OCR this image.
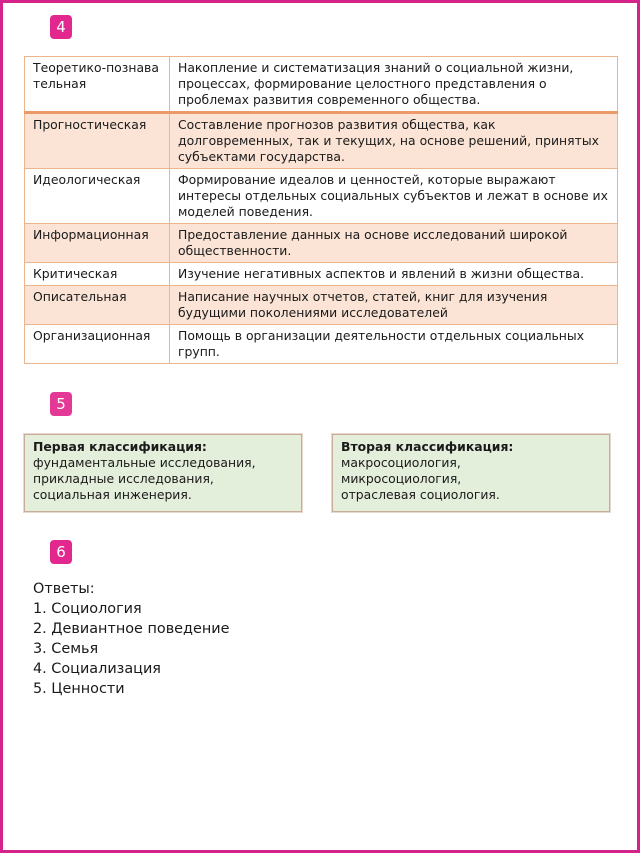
4
Теоретико-познавательная	Накопление и систематизация знаний о социальной жизни, процессах, формирование целостного представления о проблемах развития современного общества.
Прогностическая	Составление прогнозов развития общества, как долговременных, так и текущих, на основе решений, принятых субъектами государства.
Идеологическая	Формирование идеалов и ценностей, которые выражают интересы отдельных социальных субъектов и лежат в основе их моделей поведения.
Информационная	Предоставление данных на основе исследований широкой общественности.
Критическая	Изучение негативных аспектов и явлений в жизни общества.
Описательная	Написание научных отчетов, статей, книг для изучения будущими поколениями исследователей
Организационная	Помощь в организации деятельности отдельных социальных групп.
5
Первая классификация:
фундаментальные исследования,
прикладные исследования,
социальная инженерия.
Вторая классификация:
макросоциология,
микросоциология,
отраслевая социология.
6
Ответы:
1. Социология
2. Девиантное поведение
3. Семья
4. Социализация
5. Ценности
